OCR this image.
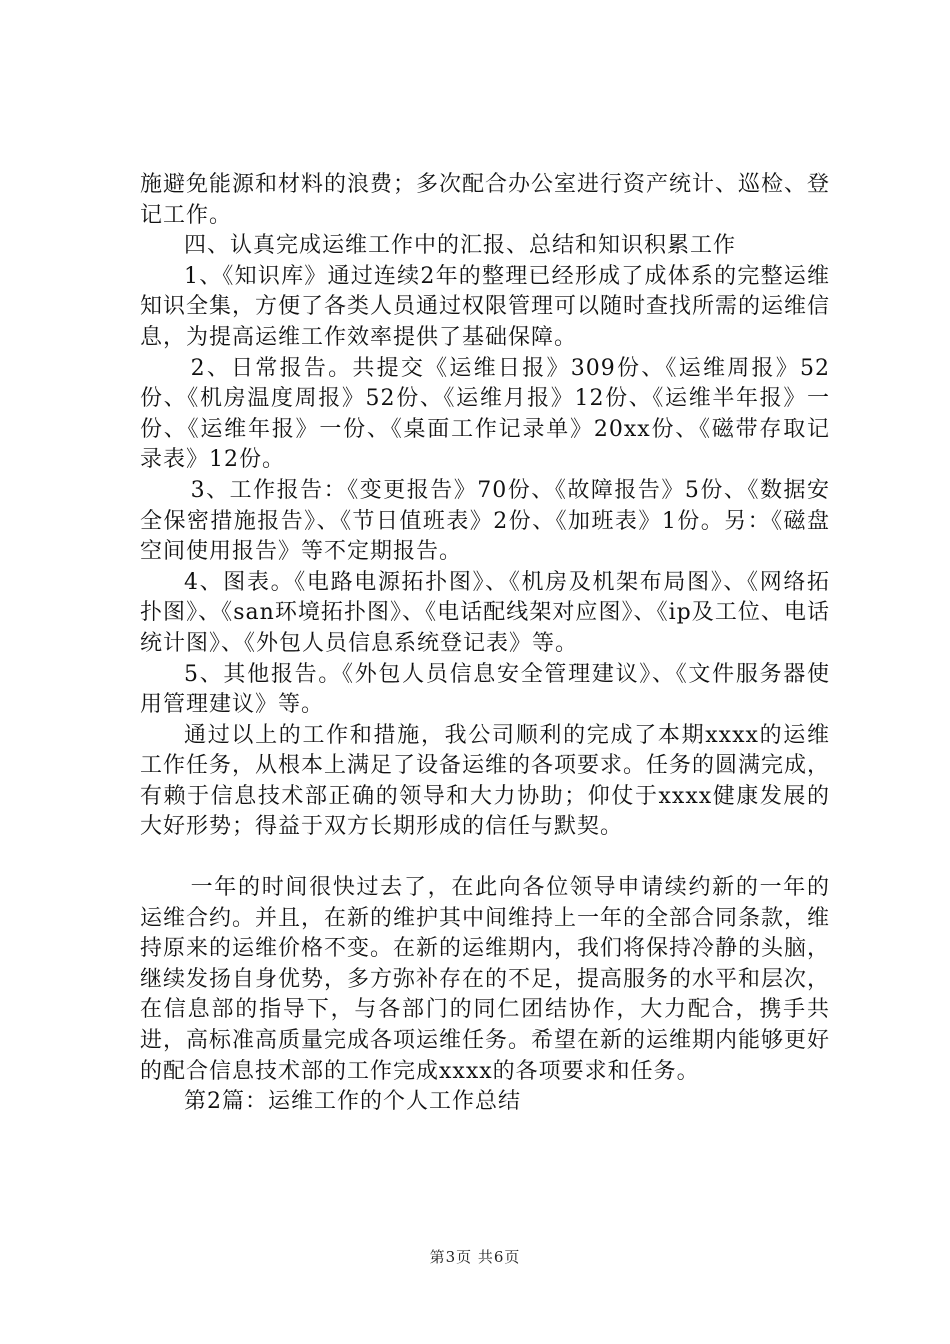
施避免能源和材料的浪费；多次配合办公室进行资产统计、巡检、登记工作。

四、认真完成运维工作中的汇报、总结和知识积累工作

1、《知识库》通过连续2年的整理已经形成了成体系的完整运维知识全集，方便了各类人员通过权限管理可以随时查找所需的运维信息，为提高运维工作效率提供了基础保障。

2、日常报告。共提交《运维日报》309份、《运维周报》52份、《机房温度周报》52份、《运维月报》12份、《运维半年报》一份、《运维年报》一份、《桌面工作记录单》20xx份、《磁带存取记录表》12份。

3、工作报告：《变更报告》70份、《故障报告》5份、《数据安全保密措施报告》、《节日值班表》2份、《加班表》1份。另：《磁盘空间使用报告》等不定期报告。

4、图表。《电路电源拓扑图》、《机房及机架布局图》、《网络拓扑图》、《san环境拓扑图》、《电话配线架对应图》、《ip及工位、电话统计图》、《外包人员信息系统登记表》等。

5、其他报告。《外包人员信息安全管理建议》、《文件服务器使用管理建议》等。

通过以上的工作和措施，我公司顺利的完成了本期xxxx的运维工作任务，从根本上满足了设备运维的各项要求。任务的圆满完成，有赖于信息技术部正确的领导和大力协助；仰仗于xxxx健康发展的大好形势；得益于双方长期形成的信任与默契。

一年的时间很快过去了，在此向各位领导申请续约新的一年的运维合约。并且，在新的维护其中间维持上一年的全部合同条款，维持原来的运维价格不变。在新的运维期内，我们将保持冷静的头脑，继续发扬自身优势，多方弥补存在的不足，提高服务的水平和层次，在信息部的指导下，与各部门的同仁团结协作，大力配合，携手共进，高标准高质量完成各项运维任务。希望在新的运维期内能够更好的配合信息技术部的工作完成xxxx的各项要求和任务。

第2篇：运维工作的个人工作总结

第3页 共6页
